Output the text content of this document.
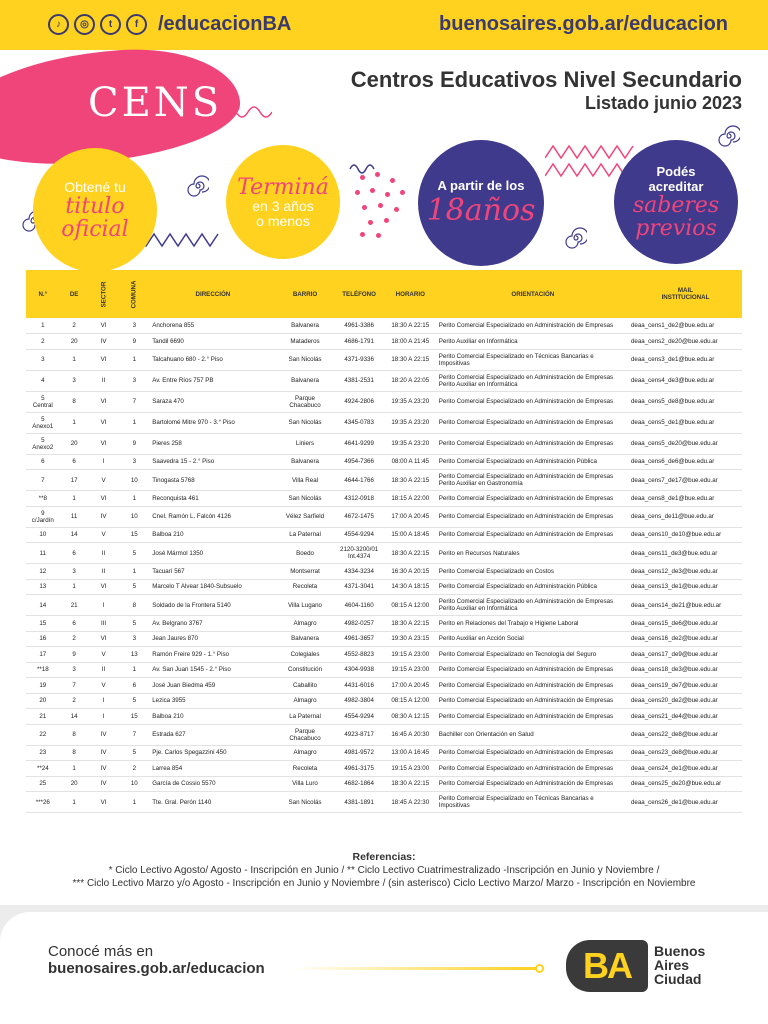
♪	◎	t	f /educacionBA	buenosaires.gob.ar/educacion
CENS
Centros Educativos Nivel Secundario
Listado junio 2023
Obtené tu
titulo
oficial
Terminá
en 3 años
o menos
A partir de los
18años
Podés
acreditar
saberes
previos
N.°	DE	SECTOR	COMUNA	DIRECCIÓN	BARRIO	TELÉFONO	HORARIO	ORIENTACIÓN	MAIL
INSTITUCIONAL
1	2	VI	3	Anchorena 855	Balvanera	4961-3386	18:30 A 22:15	Perito Comercial Especializado en Administración de Empresas	deaa_cens1_de2@bue.edu.ar
2	20	IV	9	Tandil 6690	Mataderos	4686-1791	18:00 A 21:45	Perito Auxiliar en Informática	deaa_cens2_de20@bue.edu.ar
3	1	VI	1	Talcahuano 680 - 2.° Piso	San Nicolás	4371-9336	18:30 A 22:15	Perito Comercial Especializado en Técnicas Bancarias e
Impositivas	deaa_cens3_de1@bue.edu.ar
4	3	II	3	Av. Entre Ríos 757 PB	Balvanera	4381-2531	18:20 A 22:05	Perito Comercial Especializado en Administración de Empresas
Perito Auxiliar en Informática	deaa_cens4_de3@bue.edu.ar
5
Central	8	VI	7	Saraza 470	Parque
Chacabuco	4924-2806	19:35 A 23:20	Perito Comercial Especializado en Administración de Empresas	deaa_cens5_de8@bue.edu.ar
5
Anexo1	1	VI	1	Bartolomé Mitre 970 - 3.° Piso	San Nicolás	4345-0783	19:35 A 23:20	Perito Comercial Especializado en Administración de Empresas	deaa_cens5_de1@bue.edu.ar
5
Anexo2	20	VI	9	Pieres 258	Liniers	4641-9299	19:35 A 23:20	Perito Comercial Especializado en Administración de Empresas	deaa_cens5_de20@bue.edu.ar
6	6	I	3	Saavedra 15 - 2.° Piso	Balvanera	4954-7366	08:00 A 11:45	Perito Comercial Especializado en Administración Pública	deaa_cens6_de6@bue.edu.ar
7	17	V	10	Tinogasta 5768	Villa Real	4644-1766	18:30 A 22:15	Perito Comercial Especializado en Administración de Empresas
Perito Auxiliar en Gastronomía	deaa_cens7_de17@bue.edu.ar
**8	1	VI	1	Reconquista 461	San Nicolás	4312-0918	18:15 A 22:00	Perito Comercial Especializado en Administración de Empresas	deaa_cens8_de1@bue.edu.ar
9
c/Jardín	11	IV	10	Cnel. Ramón L. Falcón 4126	Vélez Sarfield	4672-1475	17:00 A 20:45	Perito Comercial Especializado en Administración de Empresas	deaa_cens_de11@bue.edu.ar
10	14	V	15	Balboa 210	La Paternal	4554-9294	15:00 A 18:45	Perito Comercial Especializado en Administración de Empresas	deaa_cens10_de10@bue.edu.ar
11	6	II	5	José Mármol 1350	Boedo	2120-3200/01
Int.4374	18:30 A 22:15	Perito en Recursos Naturales	deaa_cens11_de3@bue.edu.ar
12	3	II	1	Tacuarí 567	Montserrat	4334-3234	16:30 A 20:15	Perito Comercial Especializado en Costos	deaa_cens12_de3@bue.edu.ar
13	1	VI	5	Marcelo T Alvear 1840-Subsuelo	Recoleta	4371-3041	14:30 A 18:15	Perito Comercial Especializado en Administración Pública	deaa_cens13_de1@bue.edu.ar
14	21	I	8	Soldado de la Frontera 5140	Villa Lugano	4604-1160	08:15 A 12:00	Perito Comercial Especializado en Administración de Empresas
Perito Auxiliar en Informática	deaa_cens14_de21@bue.edu.ar
15	6	III	5	Av. Belgrano 3767	Almagro	4982-0257	18:30 A 22:15	Perito en Relaciones del Trabajo e Higiene Laboral	deaa_cens15_de6@bue.edu.ar
16	2	VI	3	Jean Jaures 870	Balvanera	4961-3657	19:30 A 23:15	Perito Auxiliar en Acción Social	deaa_cens16_de2@bue.edu.ar
17	9	V	13	Ramón Freire 929 - 1.° Piso	Colegiales	4552-8823	19:15 A 23:00	Perito Comercial Especializado en Tecnología del Seguro	deaa_cens17_de9@bue.edu.ar
**18	3	II	1	Av. San Juan 1545 - 2.° Piso	Constitución	4304-9938	19:15 A 23:00	Perito Comercial Especializado en Administración de Empresas	deaa_cens18_de3@bue.edu.ar
19	7	V	6	José Juan Biedma 459	Caballito	4431-6016	17:00 A 20:45	Perito Comercial Especializado en Administración de Empresas	deaa_cens19_de7@bue.edu.ar
20	2	I	5	Lezica 3955	Almagro	4982-3804	08:15 A 12:00	Perito Comercial Especializado en Administración de Empresas	deaa_cens20_de2@bue.edu.ar
21	14	I	15	Balboa 210	La Paternal	4554-9294	08:30 A 12:15	Perito Comercial Especializado en Administración de Empresas	deaa_cens21_de4@bue.edu.ar
22	8	IV	7	Estrada 627	Parque
Chacabuco	4923-8717	16:45 A 20:30	Bachiller con Orientación en Salud	deaa_cens22_de8@bue.edu.ar
23	8	IV	5	Pje. Carlos Spegazzini 450	Almagro	4981-9572	13:00 A 16:45	Perito Comercial Especializado en Administración de Empresas	deaa_cens23_de8@bue.edu.ar
**24	1	IV	2	Larrea 854	Recoleta	4961-3175	19:15 A 23:00	Perito Comercial Especializado en Administración de Empresas	deaa_cens24_de1@bue.edu.ar
25	20	IV	10	García de Cossio 5570	Villa Luro	4682-1864	18:30 A 22:15	Perito Comercial Especializado en Administración de Empresas	deaa_cens25_de20@bue.edu.ar
***26	1	VI	1	Tte. Gral. Perón 1140	San Nicolás	4381-1891	18:45 A 22:30	Perito Comercial Especializado en Técnicas Bancarias e
Impositivas	deaa_cens26_de1@bue.edu.ar
Referencias:
* Ciclo Lectivo Agosto/ Agosto - Inscripción en Junio / ** Ciclo Lectivo Cuatrimestralizado -Inscripción en Junio y Noviembre /
*** Ciclo Lectivo Marzo y/o Agosto - Inscripción en Junio y Noviembre / (sin asterisco) Ciclo Lectivo Marzo/ Marzo - Inscripción en Noviembre
Conocé más en
buenosaires.gob.ar/educacion	BA	Buenos
Aires
Ciudad
